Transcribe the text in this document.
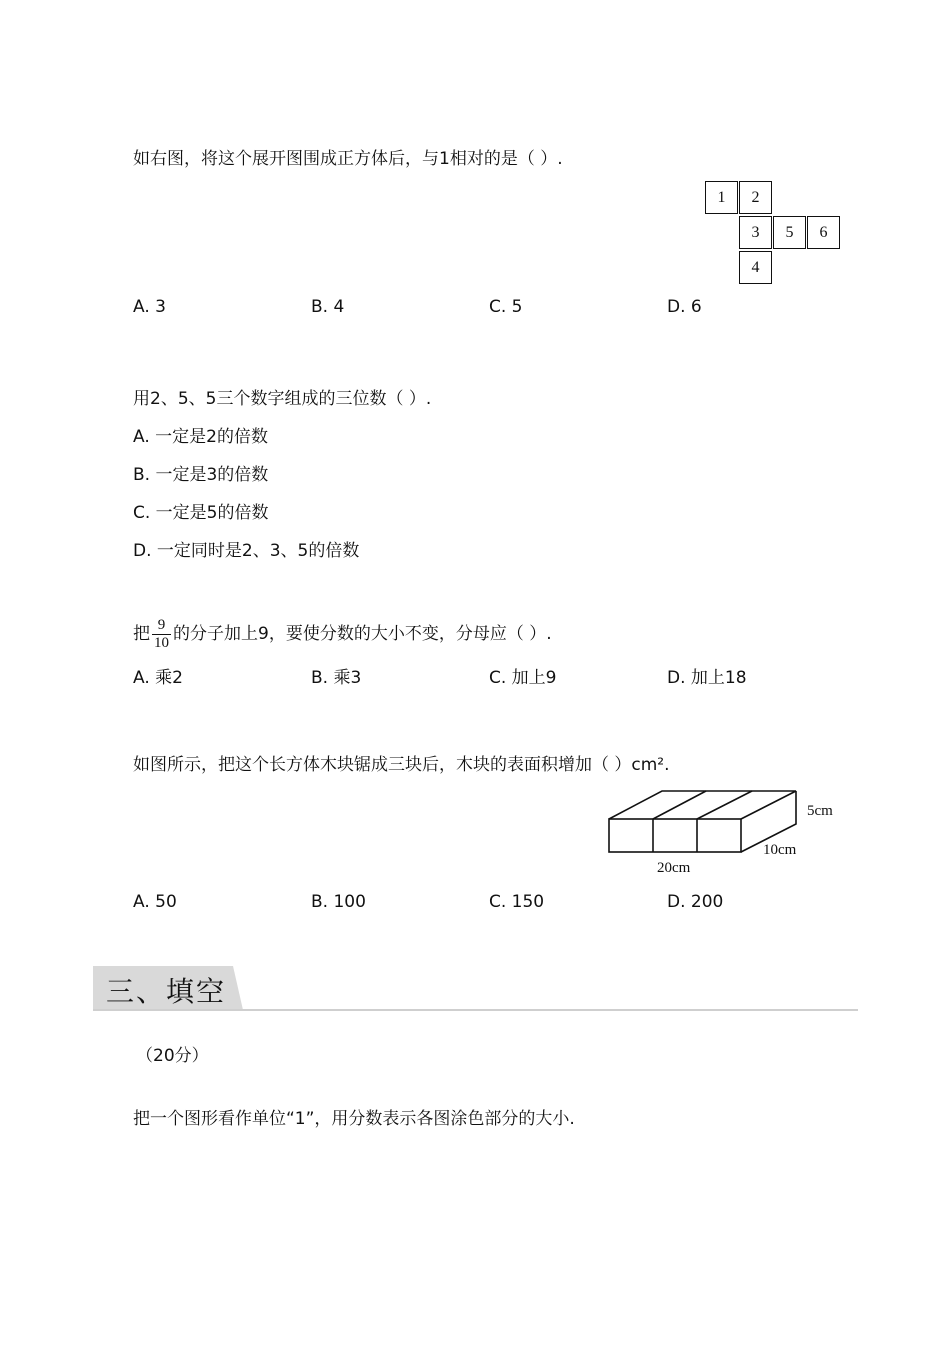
如右图，将这个展开图围成正方体后，与1相对的是（ ）.
1	2
3	5	6
4
A. 3	B. 4	C. 5	D. 6
用2、5、5三个数字组成的三位数（ ）.
A. 一定是2的倍数
B. 一定是3的倍数
C. 一定是5的倍数
D. 一定同时是2、3、5的倍数
把 $\frac{9}{10}$ 的分子加上9，要使分数的大小不变，分母应（ ）.
A. 乘2	B. 乘3	C. 加上9	D. 加上18
如图所示，把这个长方体木块锯成三块后，木块的表面积增加（ ）cm².
5cm
10cm
20cm
A. 50	B. 100	C. 150	D. 200
三、填空
（20分）
把一个图形看作单位“1”，用分数表示各图涂色部分的大小.
